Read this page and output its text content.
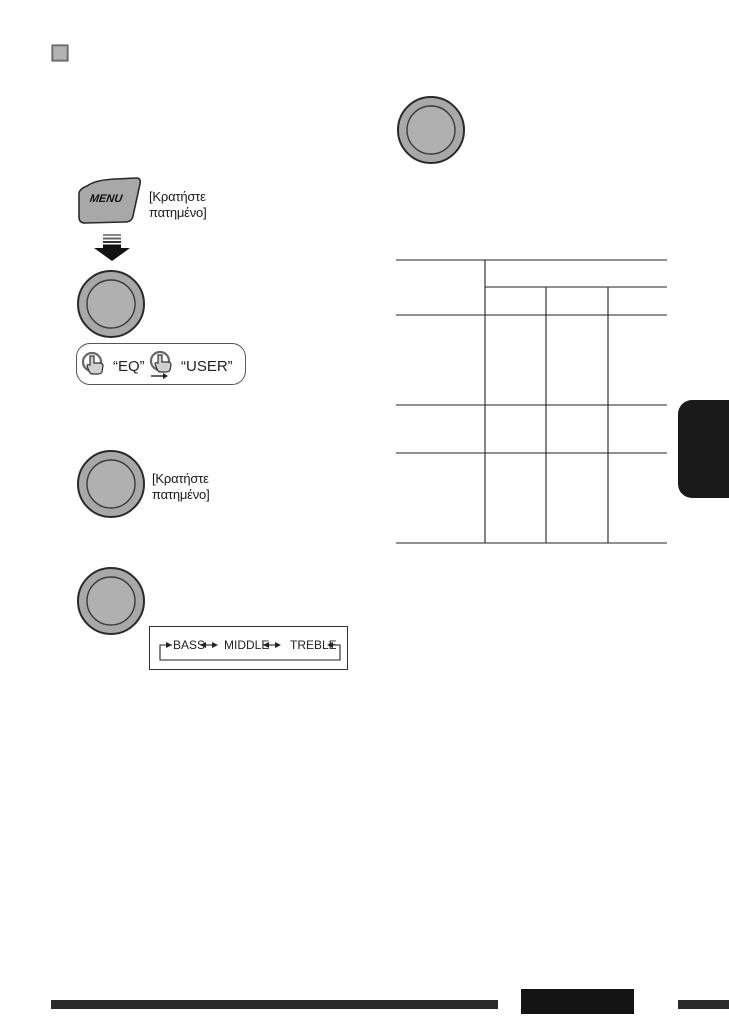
MENU	[Κρατήστε πατημένο]
“EQ” “USER”
[Κρατήστε πατημένο]
BASS MIDDLE TREBLE
